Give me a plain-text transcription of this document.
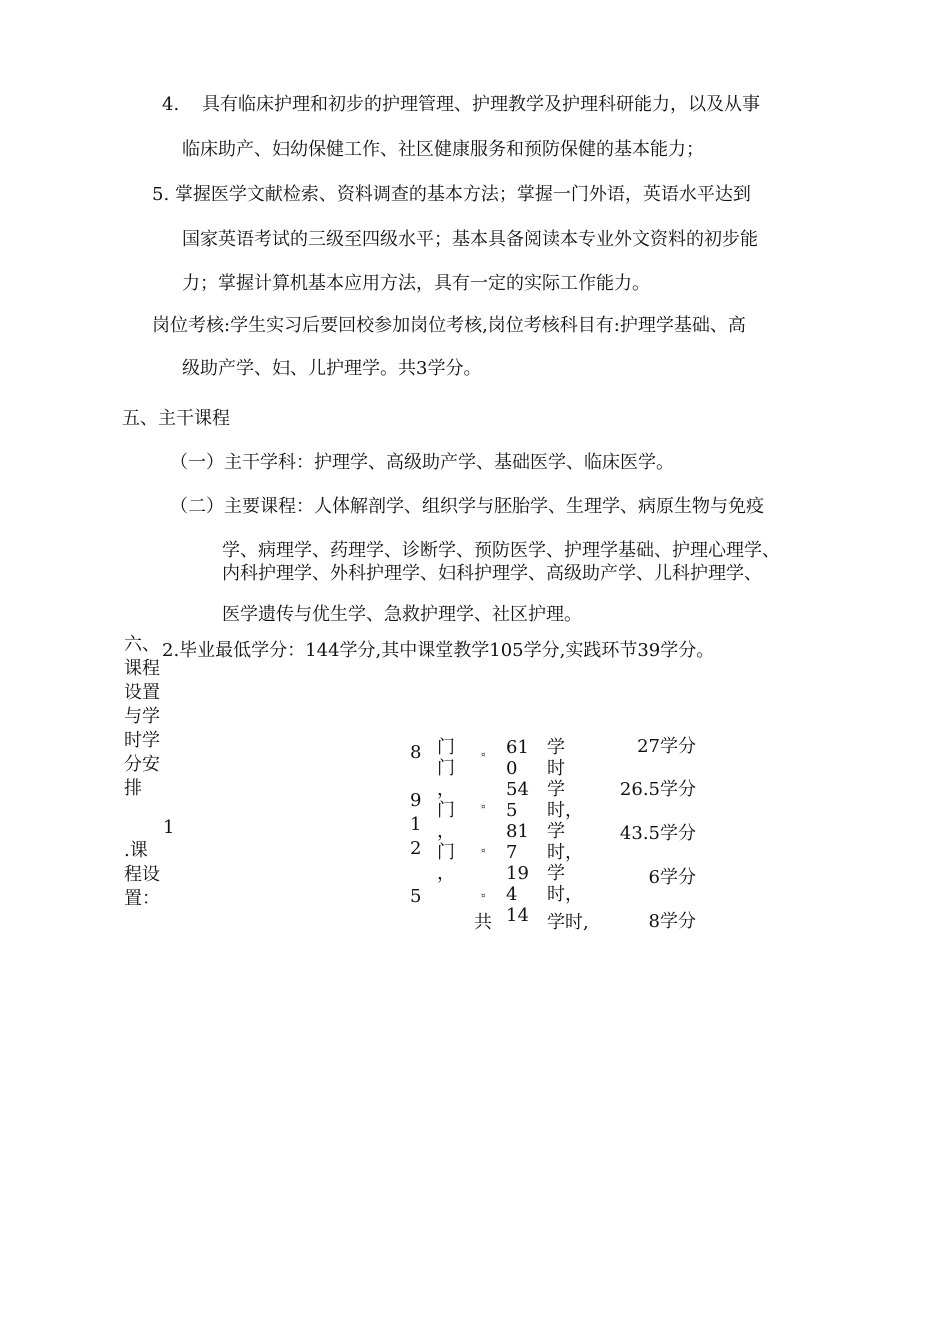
4. 具有临床护理和初步的护理管理、护理教学及护理科研能力，以及从事
临床助产、妇幼保健工作、社区健康服务和预防保健的基本能力；
5. 掌握医学文献检索、资料调查的基本方法；掌握一门外语，英语水平达到
国家英语考试的三级至四级水平；基本具备阅读本专业外文资料的初步能
力；掌握计算机基本应用方法，具有一定的实际工作能力。
岗位考核:学生实习后要回校参加岗位考核,岗位考核科目有:护理学基础、高
级助产学、妇、儿护理学。共3学分。
五、主干课程
（一）主干学科：护理学、高级助产学、基础医学、临床医学。
（二）主要课程：人体解剖学、组织学与胚胎学、生理学、病原生物与免疫
学、病理学、药理学、诊断学、预防医学、护理学基础、护理心理学、
内科护理学、外科护理学、妇科护理学、高级助产学、儿科护理学、
医学遗传与优生学、急救护理学、社区护理。
六、
课程
设置
与学
时学
分安
排
2.毕业最低学分：144学分,其中课堂教学105学分,实践环节39学分。
1
.课
程设
置：
8

9
1
2

5
门
门
，
门
，
门
，
¤
¤
¤
¤
61
0
54
5
81
7
19
4
14
学
时
学
时，
学
时，
学
时，
共	学时,
27学分
26.5学分
43.5学分
6学分
8学分
